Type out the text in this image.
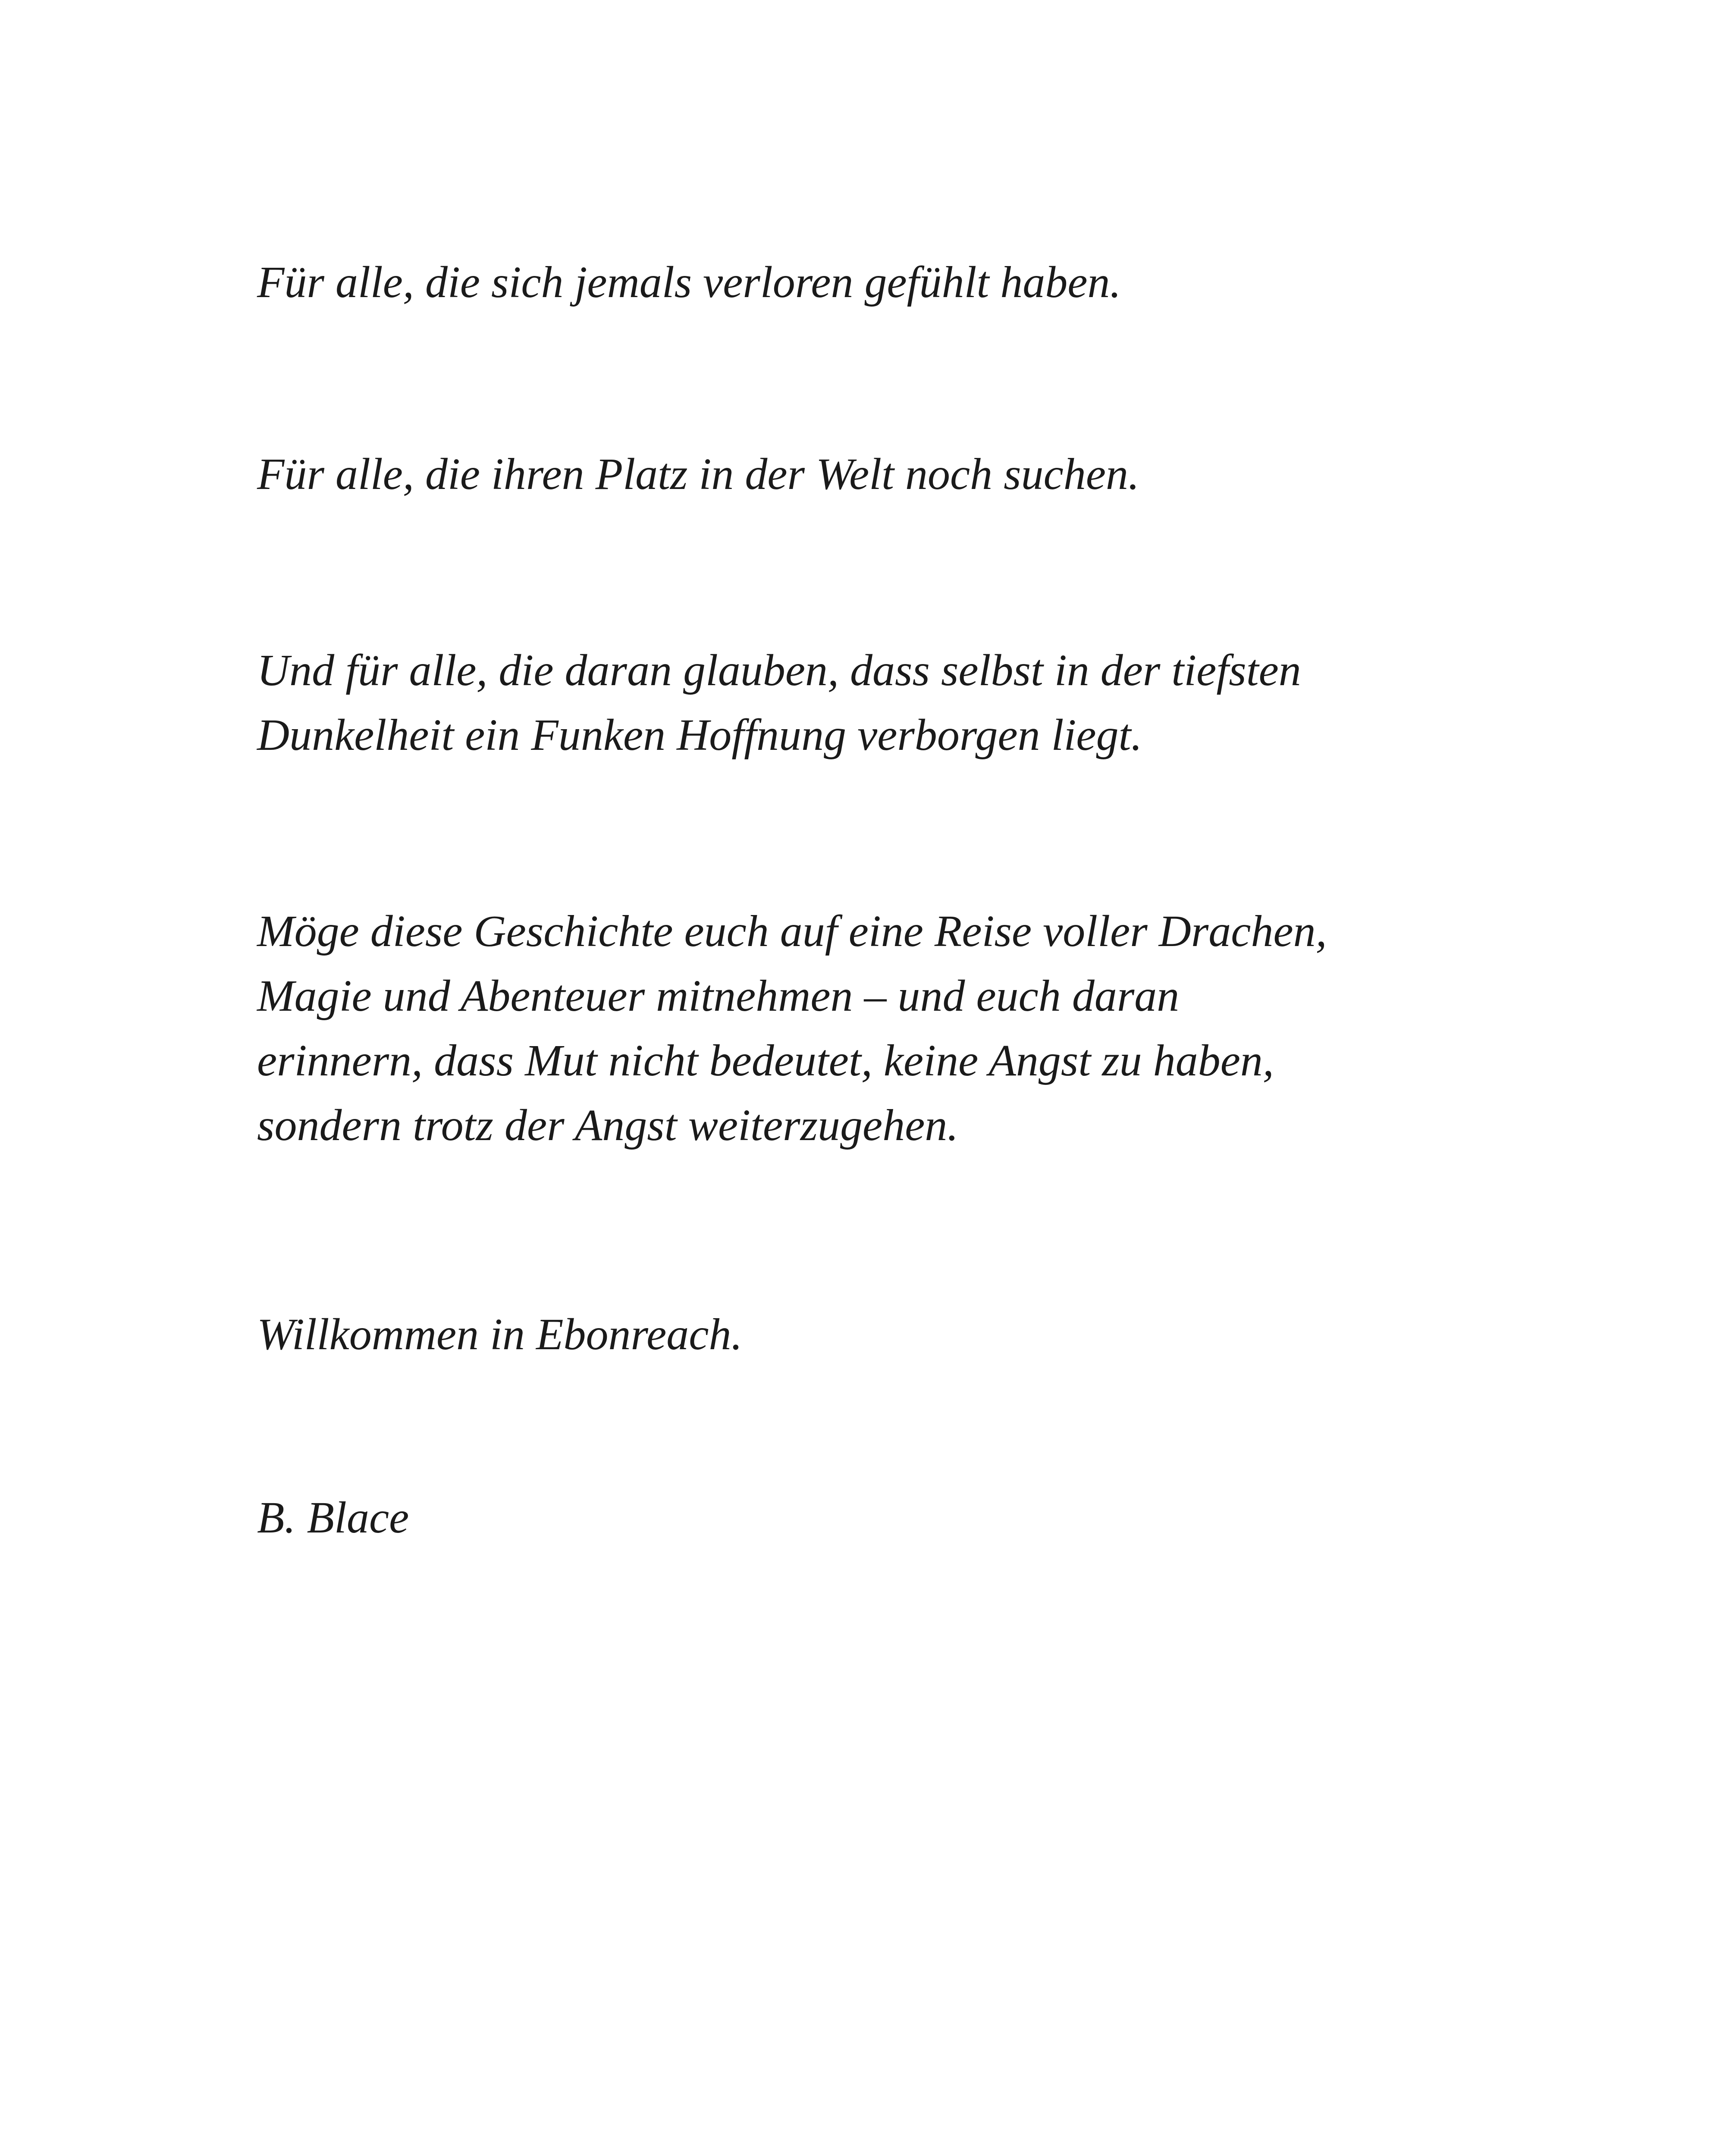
Für alle, die sich jemals verloren gefühlt haben.

Für alle, die ihren Platz in der Welt noch suchen.

Und für alle, die daran glauben, dass selbst in der tiefsten
Dunkelheit ein Funken Hoffnung verborgen liegt.

Möge diese Geschichte euch auf eine Reise voller Drachen,
Magie und Abenteuer mitnehmen – und euch daran
erinnern, dass Mut nicht bedeutet, keine Angst zu haben,
sondern trotz der Angst weiterzugehen.

Willkommen in Ebonreach.

B. Blace
